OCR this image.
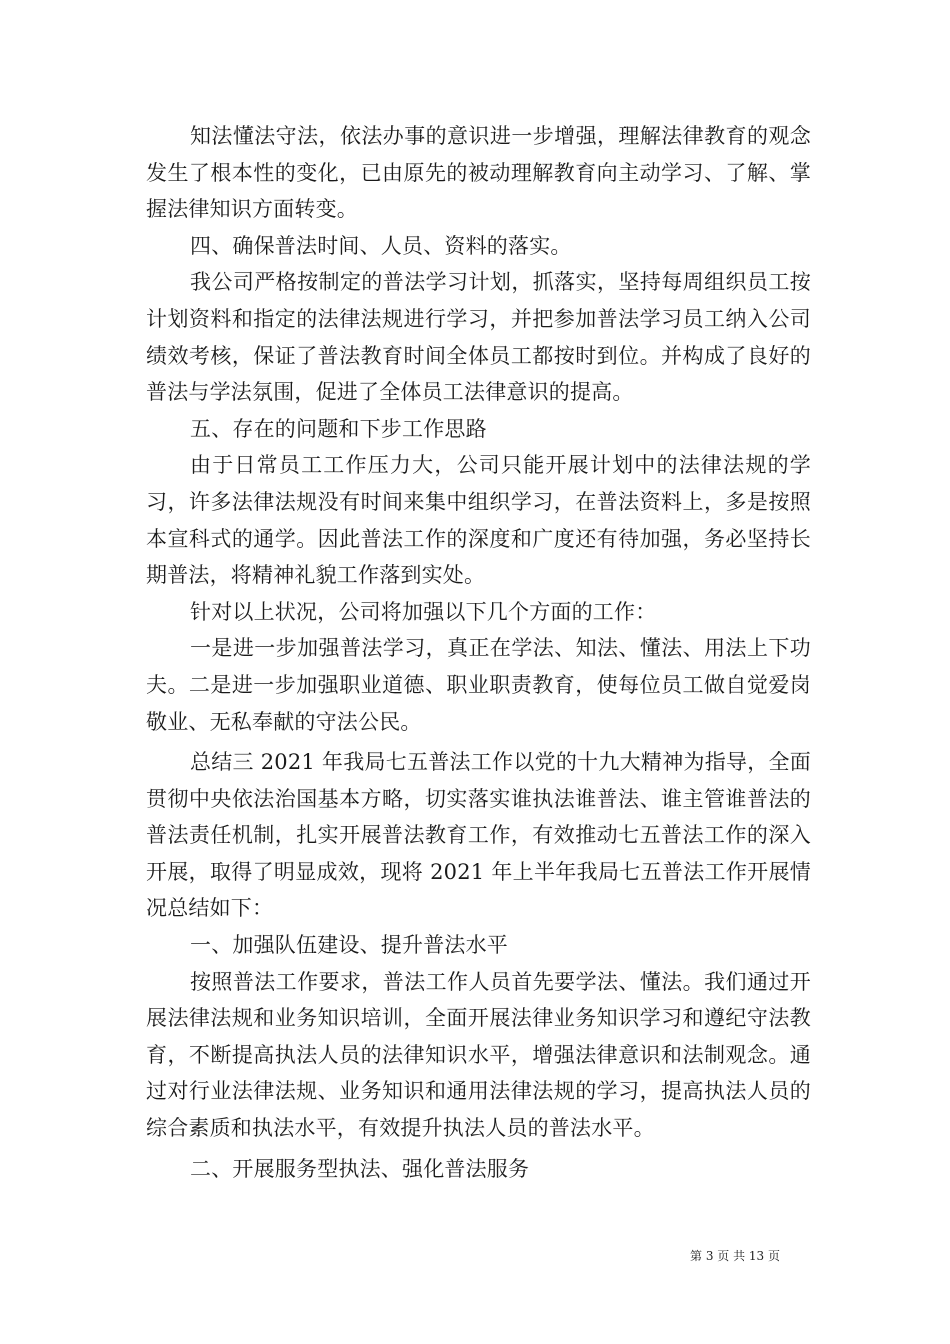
知法懂法守法，依法办事的意识进一步增强，理解法律教育的观念发生了根本性的变化，已由原先的被动理解教育向主动学习、了解、掌握法律知识方面转变。

四、确保普法时间、人员、资料的落实。

我公司严格按制定的普法学习计划，抓落实，坚持每周组织员工按计划资料和指定的法律法规进行学习，并把参加普法学习员工纳入公司绩效考核，保证了普法教育时间全体员工都按时到位。并构成了良好的普法与学法氛围，促进了全体员工法律意识的提高。

五、存在的问题和下步工作思路

由于日常员工工作压力大，公司只能开展计划中的法律法规的学习，许多法律法规没有时间来集中组织学习，在普法资料上，多是按照本宣科式的通学。因此普法工作的深度和广度还有待加强，务必坚持长期普法，将精神礼貌工作落到实处。

针对以上状况，公司将加强以下几个方面的工作：

一是进一步加强普法学习，真正在学法、知法、懂法、用法上下功夫。二是进一步加强职业道德、职业职责教育，使每位员工做自觉爱岗敬业、无私奉献的守法公民。

总结三 2021 年我局七五普法工作以党的十九大精神为指导，全面贯彻中央依法治国基本方略，切实落实谁执法谁普法、谁主管谁普法的普法责任机制，扎实开展普法教育工作，有效推动七五普法工作的深入开展，取得了明显成效，现将 2021 年上半年我局七五普法工作开展情况总结如下：

一、加强队伍建设、提升普法水平

按照普法工作要求，普法工作人员首先要学法、懂法。我们通过开展法律法规和业务知识培训，全面开展法律业务知识学习和遵纪守法教育，不断提高执法人员的法律知识水平，增强法律意识和法制观念。通过对行业法律法规、业务知识和通用法律法规的学习，提高执法人员的综合素质和执法水平，有效提升执法人员的普法水平。

二、开展服务型执法、强化普法服务

第 3 页 共 13 页
